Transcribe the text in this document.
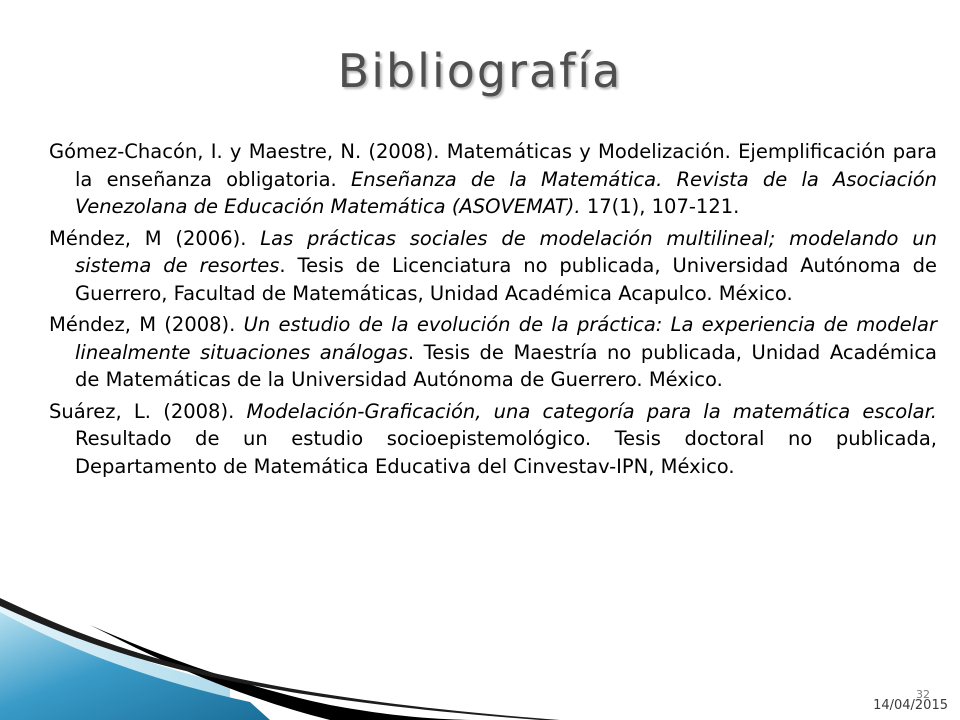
Bibliografía

Gómez-Chacón, I. y Maestre, N. (2008). Matemáticas y Modelización. Ejemplificación para la enseñanza obligatoria. Enseñanza de la Matemática. Revista de la Asociación Venezolana de Educación Matemática (ASOVEMAT). 17(1), 107-121.

Méndez, M (2006). Las prácticas sociales de modelación multilineal; modelando un sistema de resortes. Tesis de Licenciatura no publicada, Universidad Autónoma de Guerrero, Facultad de Matemáticas, Unidad Académica Acapulco. México.

Méndez, M (2008). Un estudio de la evolución de la práctica: La experiencia de modelar linealmente situaciones análogas. Tesis de Maestría no publicada, Unidad Académica de Matemáticas de la Universidad Autónoma de Guerrero. México.

Suárez, L. (2008). Modelación-Graficación, una categoría para la matemática escolar. Resultado de un estudio socioepistemológico. Tesis doctoral no publicada, Departamento de Matemática Educativa del Cinvestav-IPN, México.

32
14/04/2015
